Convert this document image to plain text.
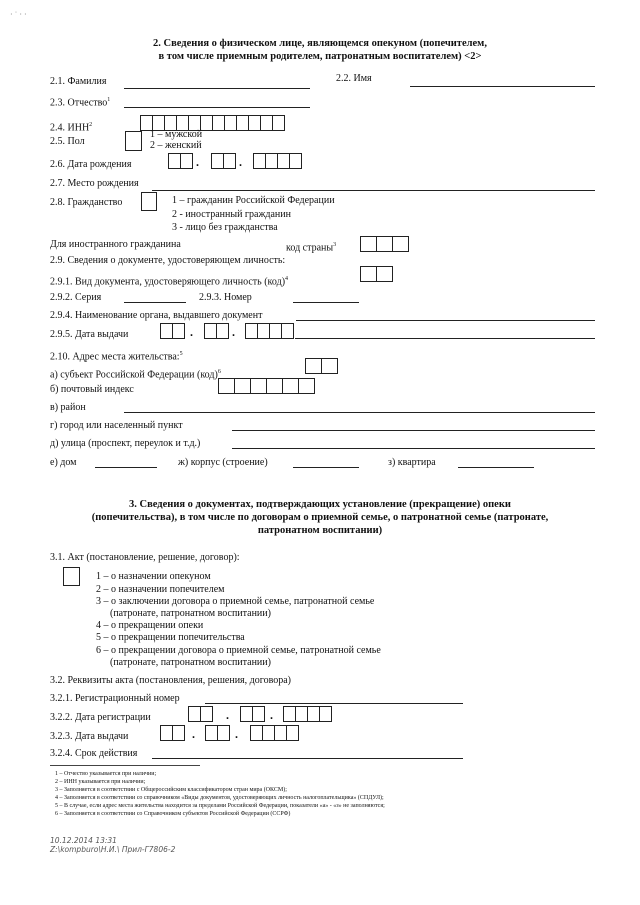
· ˙ · ·
2. Сведения о физическом лице, являющемся опекуном (попечителем,
в том числе приемным родителем, патронатным воспитателем) <2>
2.1. Фамилия	2.2. Имя
2.3. Отчество$^1$
2.4. ИНН$^2$
2.5. Пол
1 – мужской
2 – женский
2.6. Дата рождения	.	.
2.7. Место рождения
2.8. Гражданство	1 – гражданин Российской Федерации
2 - иностранный гражданин
3 - лицо без гражданства
Для иностранного гражданина	код страны$^3$
2.9. Сведения о документе, удостоверяющем личность:
2.9.1. Вид документа, удостоверяющего личность (код)$^4$
2.9.2. Серия	2.9.3. Номер
2.9.4. Наименование органа, выдавшего документ
2.9.5. Дата выдачи	.	.
2.10. Адрес места жительства:$^5$
а) субъект Российской Федерации (код)$^6$
б) почтовый индекс
в) район
г) город или населенный пункт
д) улица (проспект, переулок и т.д.)
е) дом	ж) корпус (строение)	з) квартира
3. Сведения о документах, подтверждающих установление (прекращение) опеки
(попечительства), в том числе по договорам о приемной семье, о патронатной семье (патронате,
патронатном воспитании)
3.1. Акт (постановление, решение, договор):
1 – о назначении опекуном
2 – о назначении попечителем
3 – о заключении договора о приемной семье, патронатной семье
(патронате, патронатном воспитании)
4 – о прекращении опеки
5 – о прекращении попечительства
6 – о прекращении договора о приемной семье, патронатной семье
(патронате, патронатном воспитании)
3.2. Реквизиты акта (постановления, решения, договора)
3.2.1. Регистрационный номер
3.2.2. Дата регистрации	.	.
3.2.3. Дата выдачи	.	.
3.2.4. Срок действия
1 – Отчество указывается при наличии;
2 – ИНН указывается при наличии;
3 – Заполняется в соответствии с Общероссийским классификатором стран мира (ОКСМ);
4 – Заполняется в соответствии со справочником «Виды документов, удостоверяющих личность налогоплательщика» (СПДУЛ);
5 – В случае, если адрес места жительства находится за пределами Российской Федерации, показатели «а» - «з» не заполняются;
6 – Заполняется в соответствии со Справочником субъектов Российской Федерации (ССРФ)
10.12.2014 13:31
Z:\kompburo\Н.И.\ Прил-Г7806-2
